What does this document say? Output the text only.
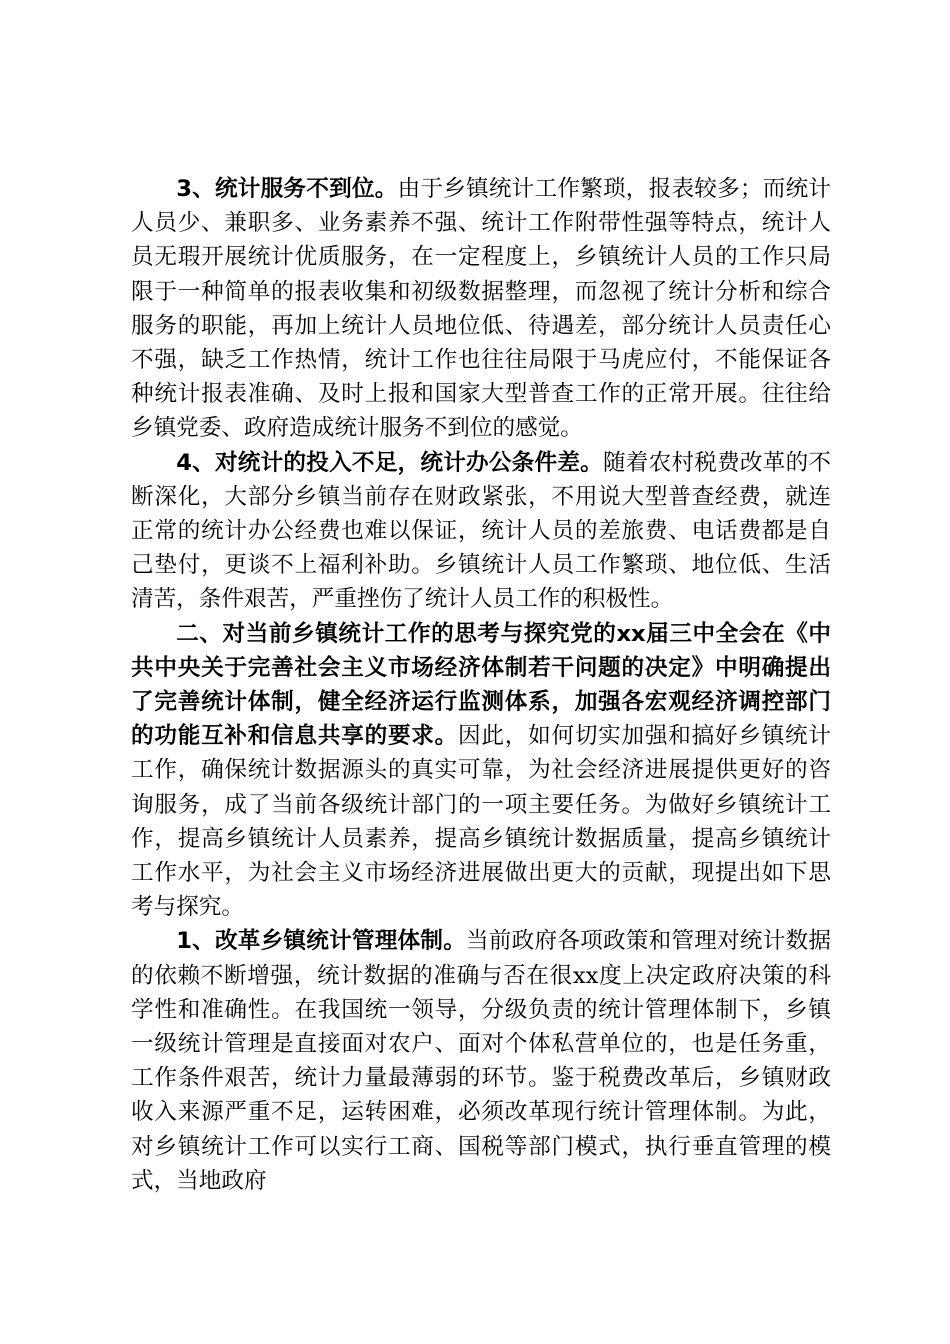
3、统计服务不到位。由于乡镇统计工作繁琐，报表较多；而统计人员少、兼职多、业务素养不强、统计工作附带性强等特点，统计人员无瑕开展统计优质服务，在一定程度上，乡镇统计人员的工作只局限于一种简单的报表收集和初级数据整理，而忽视了统计分析和综合服务的职能，再加上统计人员地位低、待遇差，部分统计人员责任心不强，缺乏工作热情，统计工作也往往局限于马虎应付，不能保证各种统计报表准确、及时上报和国家大型普查工作的正常开展。往往给乡镇党委、政府造成统计服务不到位的感觉。

4、对统计的投入不足，统计办公条件差。随着农村税费改革的不断深化，大部分乡镇当前存在财政紧张，不用说大型普查经费，就连正常的统计办公经费也难以保证，统计人员的差旅费、电话费都是自己垫付，更谈不上福利补助。乡镇统计人员工作繁琐、地位低、生活清苦，条件艰苦，严重挫伤了统计人员工作的积极性。

二、对当前乡镇统计工作的思考与探究党的xx届三中全会在《中共中央关于完善社会主义市场经济体制若干问题的决定》中明确提出了完善统计体制，健全经济运行监测体系，加强各宏观经济调控部门的功能互补和信息共享的要求。因此，如何切实加强和搞好乡镇统计工作，确保统计数据源头的真实可靠，为社会经济进展提供更好的咨询服务，成了当前各级统计部门的一项主要任务。为做好乡镇统计工作，提高乡镇统计人员素养，提高乡镇统计数据质量，提高乡镇统计工作水平，为社会主义市场经济进展做出更大的贡献，现提出如下思考与探究。

1、改革乡镇统计管理体制。当前政府各项政策和管理对统计数据的依赖不断增强，统计数据的准确与否在很xx度上决定政府决策的科学性和准确性。在我国统一领导，分级负责的统计管理体制下，乡镇一级统计管理是直接面对农户、面对个体私营单位的，也是任务重，工作条件艰苦，统计力量最薄弱的环节。鉴于税费改革后，乡镇财政收入来源严重不足，运转困难，必须改革现行统计管理体制。为此，对乡镇统计工作可以实行工商、国税等部门模式，执行垂直管理的模式，当地政府
